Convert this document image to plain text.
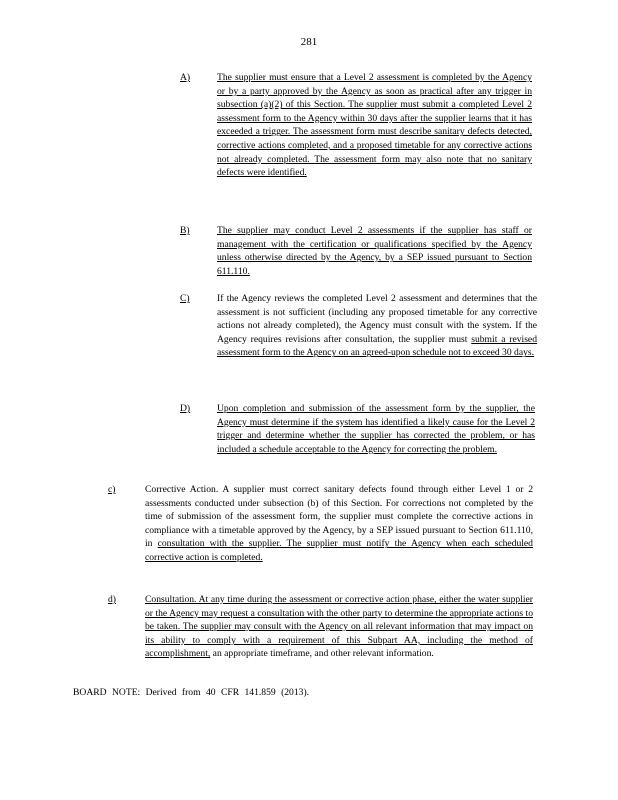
281
A)	The supplier must ensure that a Level 2 assessment is completed by the Agency or by a party approved by the Agency as soon as practical after any trigger in subsection (a)(2) of this Section. The supplier must submit a completed Level 2 assessment form to the Agency within 30 days after the supplier learns that it has exceeded a trigger. The assessment form must describe sanitary defects detected, corrective actions completed, and a proposed timetable for any corrective actions not already completed. The assessment form may also note that no sanitary defects were identified.
B)	The supplier may conduct Level 2 assessments if the supplier has staff or management with the certification or qualifications specified by the Agency unless otherwise directed by the Agency, by a SEP issued pursuant to Section 611.110.
C)	If the Agency reviews the completed Level 2 assessment and determines that the assessment is not sufficient (including any proposed timetable for any corrective actions not already completed), the Agency must consult with the system. If the Agency requires revisions after consultation, the supplier must submit a revised assessment form to the Agency on an agreed-upon schedule not to exceed 30 days.
D)	Upon completion and submission of the assessment form by the supplier, the Agency must determine if the system has identified a likely cause for the Level 2 trigger and determine whether the supplier has corrected the problem, or has included a schedule acceptable to the Agency for correcting the problem.
c)	Corrective Action. A supplier must correct sanitary defects found through either Level 1 or 2 assessments conducted under subsection (b) of this Section. For corrections not completed by the time of submission of the assessment form, the supplier must complete the corrective actions in compliance with a timetable approved by the Agency, by a SEP issued pursuant to Section 611.110, in consultation with the supplier. The supplier must notify the Agency when each scheduled corrective action is completed.
d)	Consultation. At any time during the assessment or corrective action phase, either the water supplier or the Agency may request a consultation with the other party to determine the appropriate actions to be taken. The supplier may consult with the Agency on all relevant information that may impact on its ability to comply with a requirement of this Subpart AA, including the method of accomplishment, an appropriate timeframe, and other relevant information.
BOARD NOTE: Derived from 40 CFR 141.859 (2013).
